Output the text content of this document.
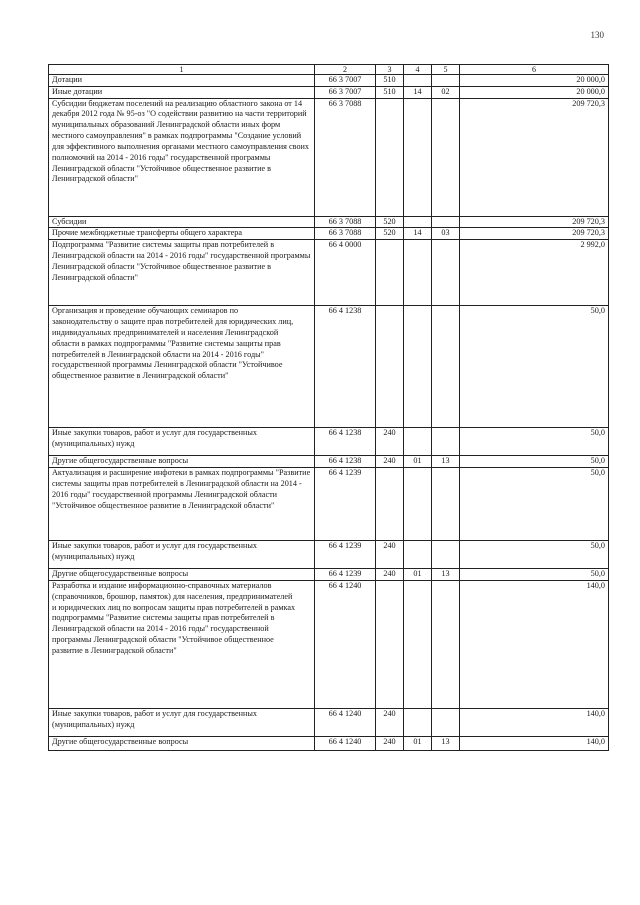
130
1	2	3	4	5	6
Дотации	66 3 7007	510			20 000,0
Иные дотации	66 3 7007	510	14	02	20 000,0
Субсидии бюджетам поселений на реализацию областного закона от 14 декабря 2012 года № 95-оз "О содействии развитию на части территорий муниципальных образований Ленинградской области иных форм местного самоуправления" в рамках подпрограммы "Создание условий для эффективного выполнения органами местного самоуправления своих полномочий на 2014 - 2016 годы" государственной программы Ленинградской области "Устойчивое общественное развитие в Ленинградской области"	66 3 7088				209 720,3
Субсидии	66 3 7088	520			209 720,3
Прочие межбюджетные трансферты общего характера	66 3 7088	520	14	03	209 720,3
Подпрограмма "Развитие системы защиты прав потребителей в Ленинградской области на 2014 - 2016 годы" государственной программы Ленинградской области "Устойчивое общественное развитие в Ленинградской области"	66 4 0000				2 992,0
Организация и проведение обучающих семинаров по законодательству о защите прав потребителей для юридических лиц, индивидуальных предпринимателей и населения Ленинградской области в рамках подпрограммы "Развитие системы защиты прав потребителей в Ленинградской области на 2014 - 2016 годы" государственной программы Ленинградской области "Устойчивое общественное развитие в Ленинградской области"	66 4 1238				50,0
Иные закупки товаров, работ и услуг для государственных (муниципальных) нужд	66 4 1238	240			50,0
Другие общегосударственные вопросы	66 4 1238	240	01	13	50,0
Актуализация и расширение инфотеки в рамках подпрограммы "Развитие системы защиты прав потребителей в Ленинградской области на 2014 - 2016 годы" государственной программы Ленинградской области "Устойчивое общественное развитие в Ленинградской области"	66 4 1239				50,0
Иные закупки товаров, работ и услуг для государственных (муниципальных) нужд	66 4 1239	240			50,0
Другие общегосударственные вопросы	66 4 1239	240	01	13	50,0
Разработка и издание информационно-справочных материалов (справочников, брошюр, памяток) для населения, предпринимателей и юридических лиц по вопросам защиты прав потребителей в рамках подпрограммы "Развитие системы защиты прав потребителей в Ленинградской области на 2014 - 2016 годы" государственной программы Ленинградской области "Устойчивое общественное развитие в Ленинградской области"	66 4 1240				140,0
Иные закупки товаров, работ и услуг для государственных (муниципальных) нужд	66 4 1240	240			140,0
Другие общегосударственные вопросы	66 4 1240	240	01	13	140,0
